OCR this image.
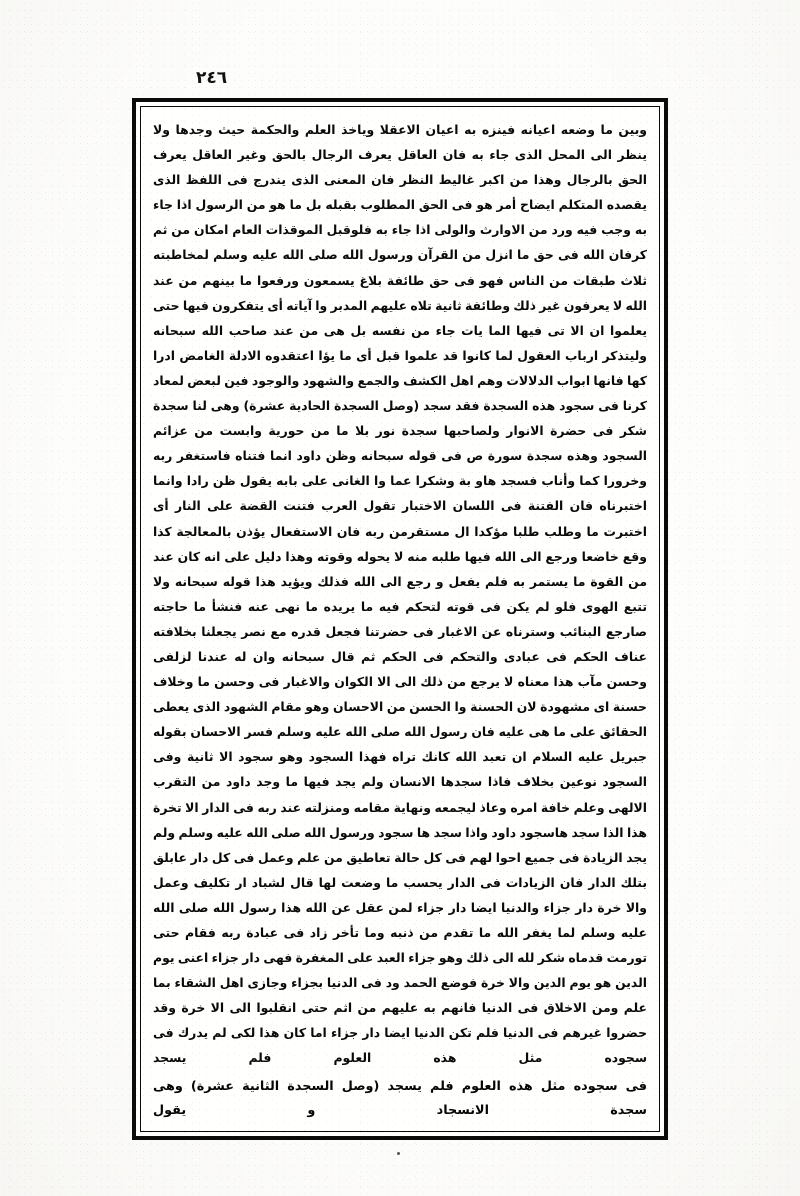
٦٤٢

وبين ما وضعه اعيانه فينزه به اعيان الاعقلا وياخذ العلم والحكمة حيث وجدها ولا ينظر الى المحل الذى جاء به فان العاقل يعرف الرجال بالحق وغير العاقل يعرف الحق بالرجال وهذا من اكبر غاليط النظر فان المعنى الذى يندرج فى اللفظ الذى يقصده المتكلم ايضاح أمر هو فى الحق المطلوب بقبله بل ما هو من الرسول اذا جاء به وجب فيه ورد من الاوارث والولى اذا جاء به فلوقبل الموقذات العام امكان من ثم كرفان الله فى حق ما انزل من القرآن ورسول الله صلى الله عليه وسلم لمخاطبته ثلاث طبقات من الناس فهو فى حق طائفة بلاغ يسمعون ورفعوا ما بينهم من عند الله لا يعرفون غير ذلك وطائفة ثانية تلاه عليهم المدبر وا آياته أى يتفكرون فيها حتى يعلموا ان الا تى فيها الما يات جاء من نفسه بل هى من عند صاحب الله سبحانه وليتذكر ارباب العقول لما كانوا قد علموا قبل أى ما يؤا اعتقدوه الادلة الغامض ادرا كها فانها ابواب الدلالات وهم اهل الكشف والجمع والشهود والوجود فين لبعض لمعاد كرنا فى سجود هذه السجدة فقد سجد (وصل السجدة الحادية عشرة) وهى لنا سجدة شكر فى حضرة الانوار ولصاحبها سجدة نور بلا ما من حورية وابست من عزائم السجود وهذه سجدة سورة ص فى قوله سبحانه وظن داود انما فتناه فاستغفر ربه وخرورا كما وأناب فسجد هاو بة وشكرا عما وا الغانى على بابه يقول ظن رادا وانما اختبرناه فان الفتنة فى اللسان الاختبار تقول العرب فتنت القضة على النار أى اختبرت ما وطلب طلبا مؤكدا ال مستقرمن ربه فان الاستفعال يؤذن بالمعالجة كذا وقع خاضعا ورجع الى الله فيها طلبه منه لا يحوله وقوته وهذا دليل على انه كان عند من القوة ما يستمر به فلم يفعل و رجع الى الله فذلك ويؤيد هذا قوله سبحانه ولا تتبع الهوى فلو لم يكن فى قوته لتحكم فيه ما يريده ما نهى عنه فنشأ ما حاجته صارجع البنائب وسترناه عن الاغبار فى حضرتنا فجعل قدره مع نصر يجعلنا بخلافته عناف الحكم فى عبادى والتحكم فى الحكم ثم قال سبحانه وان له عندنا لزلفى وحسن مآب هذا معناه لا يرجع من ذلك الى الا الكوان والاغبار فى وحسن ما وخلاف حسنة اى مشهودة لان الحسنة وا الحسن من الاحسان وهو مقام الشهود الذى يعطى الحقائق على ما هى عليه فان رسول الله صلى الله عليه وسلم فسر الاحسان بقوله جبريل عليه السلام ان تعبد الله كانك تراه فهذا السجود وهو سجود الا ثانية وفى السجود نوعين بخلاف فاذا سجدها الانسان ولم يجد فيها ما وجد داود من التقرب الالهى وعلم خافة امره وعاذ ليجمعه ونهاية مقامه ومنزلته عند ربه فى الدار الا تخرة هذا الذا سجد هاسجود داود واذا سجد ها سجود ورسول الله صلى الله عليه وسلم ولم يجد الزيادة فى جميع احوا لهم فى كل حالة تعاطيق من علم وعمل فى كل دار عابلق بتلك الدار فان الزيادات فى الدار يحسب ما وضعت لها قال لشباد ار تكليف وعمل والا خرة دار جزاء والدنيا ايضا دار جزاء لمن عقل عن الله هذا رسول الله صلى الله عليه وسلم لما يغفر الله ما تقدم من ذنبه وما تأخر زاد فى عبادة ربه فقام حتى تورمت قدماه شكر لله الى ذلك وهو جزاء العبد على المغفرة فهى دار جزاء اعنى يوم الدين هو يوم الدين والا خرة فوضع الحمد ود فى الدنيا بجزاء وجازى اهل الشقاء بما علم ومن الاخلاق فى الدنيا فانهم به عليهم من اثم حتى انقلبوا الى الا خرة وقد حضروا غيرهم فى الدنيا فلم تكن الدنيا ايضا دار جزاء اما كان هذا لكى لم يدرك فى سجوده مثل هذه العلوم فلم يسجد

فى سجوده مثل هذه العلوم فلم يسجد (وصل السجدة الثانية عشرة) وهى سجدة الانسجاد و يقول
